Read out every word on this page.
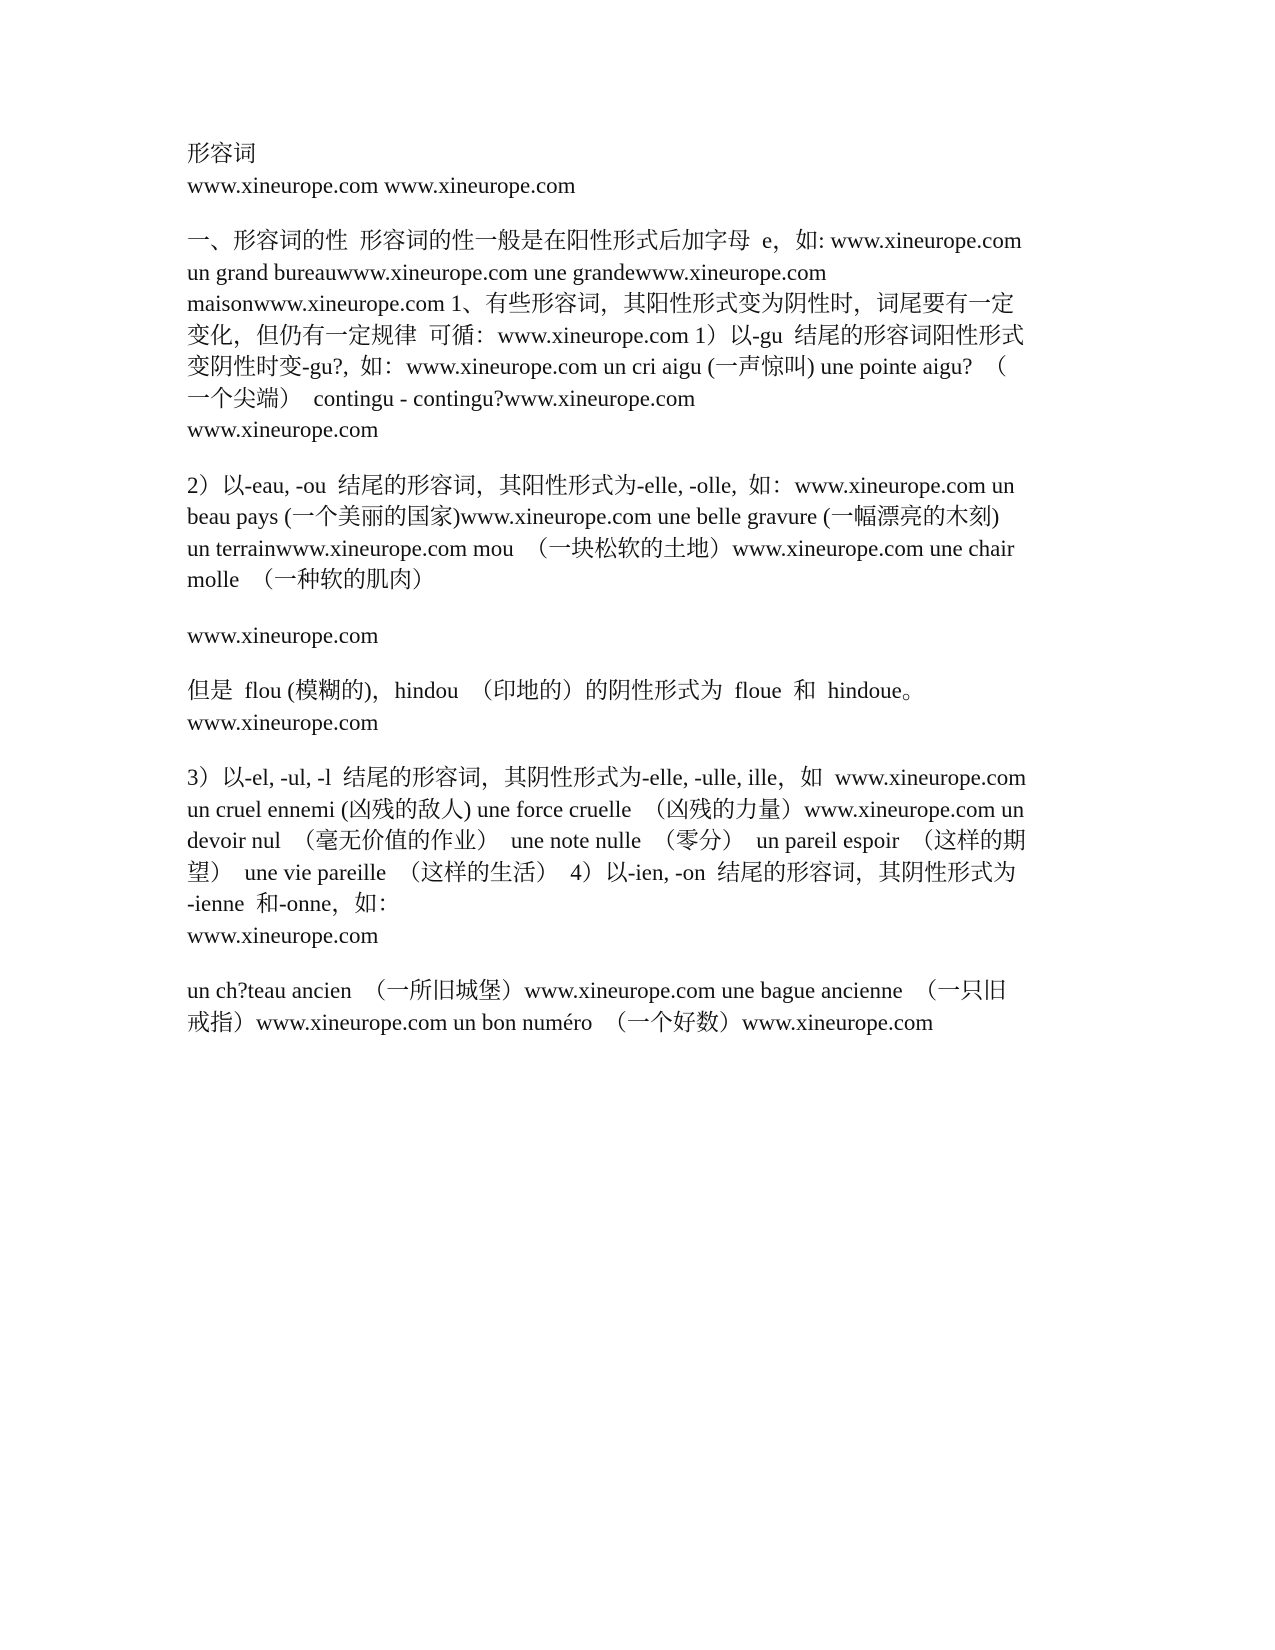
形容词
www.xineurope.com www.xineurope.com
一、形容词的性  形容词的性一般是在阳性形式后加字母  e，如: www.xineurope.com
un grand bureauwww.xineurope.com une grandewww.xineurope.com
maisonwww.xineurope.com 1、有些形容词，其阳性形式变为阴性时，词尾要有一定
变化，但仍有一定规律  可循：www.xineurope.com 1）以-gu  结尾的形容词阳性形式
变阴性时变-gu?,  如：www.xineurope.com un cri aigu (一声惊叫) une pointe aigu?  （
一个尖端）  contingu - contingu?www.xineurope.com
www.xineurope.com
2）以-eau, -ou  结尾的形容词，其阳性形式为-elle, -olle,  如：www.xineurope.com un
beau pays (一个美丽的国家)www.xineurope.com une belle gravure (一幅漂亮的木刻)
un terrainwww.xineurope.com mou  （一块松软的土地）www.xineurope.com une chair
molle  （一种软的肌肉）
www.xineurope.com
但是  flou (模糊的)，hindou  （印地的）的阴性形式为  floue  和  hindoue。
www.xineurope.com
3）以-el, -ul, -l  结尾的形容词，其阴性形式为-elle, -ulle, ille，如  www.xineurope.com
un cruel ennemi (凶残的敌人) une force cruelle  （凶残的力量）www.xineurope.com un
devoir nul  （毫无价值的作业）  une note nulle  （零分）  un pareil espoir  （这样的期
望）  une vie pareille  （这样的生活）  4）以-ien, -on  结尾的形容词，其阴性形式为
-ienne  和-onne，如：
www.xineurope.com
un ch?teau ancien  （一所旧城堡）www.xineurope.com une bague ancienne  （一只旧
戒指）www.xineurope.com un bon numéro  （一个好数）www.xineurope.com
